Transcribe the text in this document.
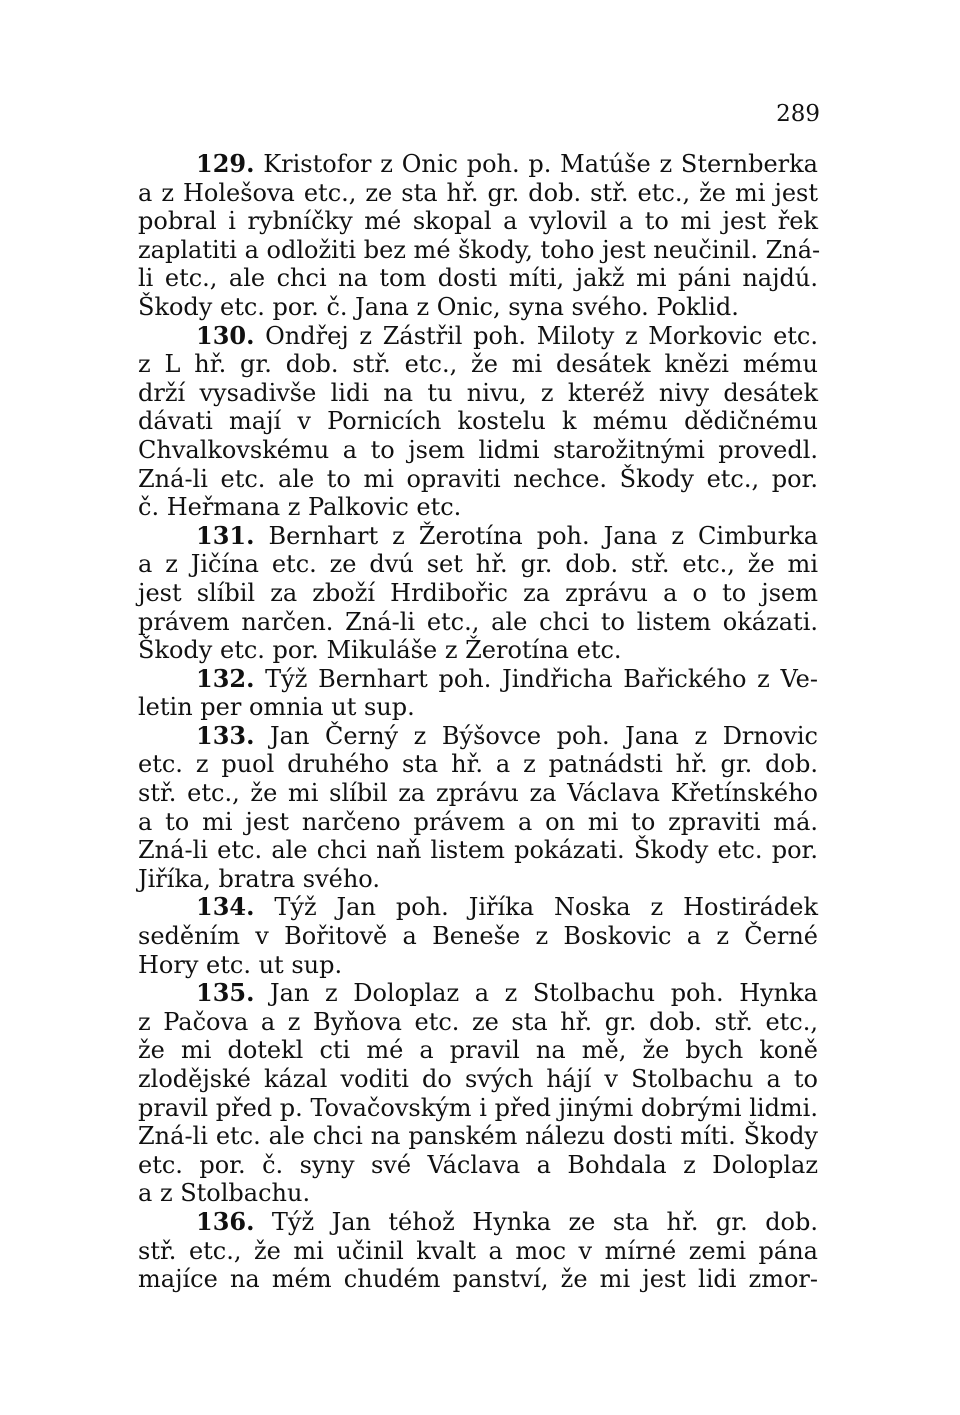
289
129. Kristofor z Onic poh. p. Matúše z Sternberka
a z Holešova etc., ze sta hř. gr. dob. stř. etc., že mi jest
pobral i rybníčky mé skopal a vylovil a to mi jest řek
zaplatiti a odložiti bez mé škody, toho jest neučinil. Zná-
li etc., ale chci na tom dosti míti, jakž mi páni najdú.
Škody etc. por. č. Jana z Onic, syna svého. Poklid.
130. Ondřej z Zástřil poh. Miloty z Morkovic etc.
z L hř. gr. dob. stř. etc., že mi desátek knězi mému
drží vysadivše lidi na tu nivu, z kteréž nivy desátek
dávati mají v Pornicích kostelu k mému dědičnému
Chvalkovskému a to jsem lidmi starožitnými provedl.
Zná-li etc. ale to mi opraviti nechce. Škody etc., por.
č. Heřmana z Palkovic etc.
131. Bernhart z Žerotína poh. Jana z Cimburka
a z Jičína etc. ze dvú set hř. gr. dob. stř. etc., že mi
jest slíbil za zboží Hrdibořic za zprávu a o to jsem
právem narčen. Zná-li etc., ale chci to listem okázati.
Škody etc. por. Mikuláše z Žerotína etc.
132. Týž Bernhart poh. Jindřicha Bařického z Ve-
letin per omnia ut sup.
133. Jan Černý z Býšovce poh. Jana z Drnovic
etc. z puol druhého sta hř. a z patnádsti hř. gr. dob.
stř. etc., že mi slíbil za zprávu za Václava Křetínského
a to mi jest narčeno právem a on mi to zpraviti má.
Zná-li etc. ale chci naň listem pokázati. Škody etc. por.
Jiříka, bratra svého.
134. Týž Jan poh. Jiříka Noska z Hostirádek
seděním v Bořitově a Beneše z Boskovic a z Černé
Hory etc. ut sup.
135. Jan z Doloplaz a z Stolbachu poh. Hynka
z Pačova a z Byňova etc. ze sta hř. gr. dob. stř. etc.,
že mi dotekl cti mé a pravil na mě, že bych koně
zlodějské kázal voditi do svých hájí v Stolbachu a to
pravil před p. Tovačovským i před jinými dobrými lidmi.
Zná-li etc. ale chci na panském nálezu dosti míti. Škody
etc. por. č. syny své Václava a Bohdala z Doloplaz
a z Stolbachu.
136. Týž Jan téhož Hynka ze sta hř. gr. dob.
stř. etc., že mi učinil kvalt a moc v mírné zemi pána
majíce na mém chudém panství, že mi jest lidi zmor-
